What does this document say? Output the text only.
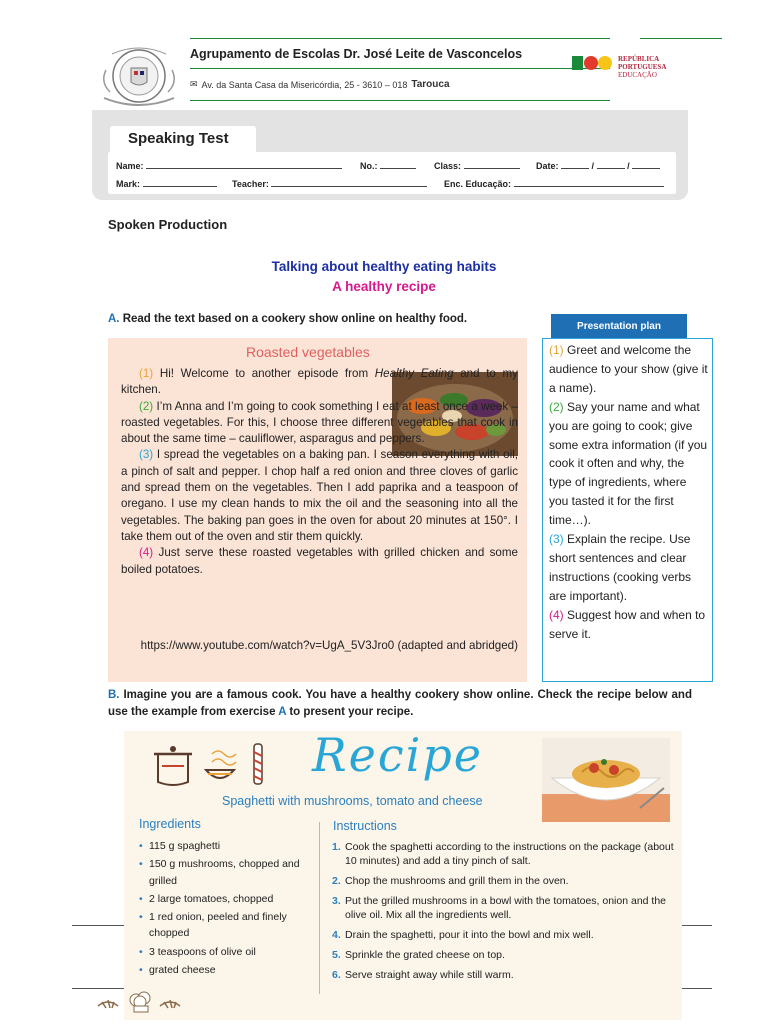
Agrupamento de Escolas Dr. José Leite de Vasconcelos
✉ Av. da Santa Casa da Misericórdia, 25 - 3610 – 018 Tarouca
REPÚBLICA
PORTUGUESA
EDUCAÇÃO
Speaking Test
Name:	No.:	Class:	Date:	/	/
Mark:	Teacher:	Enc. Educação:
Spoken Production
Talking about healthy eating habits
A healthy recipe
A. Read the text based on a cookery show online on healthy food.
Roasted vegetables

(1) Hi! Welcome to another episode from Healthy Eating and to my kitchen.

(2) I’m Anna and I’m going to cook something I eat at least once a week – roasted vegetables. For this, I choose three different vegetables that cook in about the same time – cauliflower, asparagus and peppers.

(3) I spread the vegetables on a baking pan. I season everything with oil, a pinch of salt and pepper. I chop half a red onion and three cloves of garlic and spread them on the vegetables. Then I add paprika and a teaspoon of oregano. I use my clean hands to mix the oil and the seasoning into all the vegetables. The baking pan goes in the oven for about 20 minutes at 150°. I take them out of the oven and stir them quickly.

(4) Just serve these roasted vegetables with grilled chicken and some boiled potatoes.

https://www.youtube.com/watch?v=UgA_5V3Jro0 (adapted and abridged)
Presentation plan
(1) Greet and welcome the audience to your show (give it a name).
(2) Say your name and what you are going to cook; give some extra information (if you cook it often and why, the type of ingredients, where you tasted it for the first time…).
(3) Explain the recipe. Use short sentences and clear instructions (cooking verbs are important).
(4) Suggest how and when to serve it.
B. Imagine you are a famous cook. You have a healthy cookery show online. Check the recipe below and use the example from exercise A to present your recipe.
Recipe
Spaghetti with mushrooms, tomato and cheese
Ingredients	Instructions
• 115 g spaghetti
• 150 g mushrooms, chopped and grilled
• 2 large tomatoes, chopped
• 1 red onion, peeled and finely chopped
• 3 teaspoons of olive oil
• grated cheese
1. Cook the spaghetti according to the instructions on the package (about 10 minutes) and add a tiny pinch of salt.
2. Chop the mushrooms and grill them in the oven.
3. Put the grilled mushrooms in a bowl with the tomatoes, onion and the olive oil. Mix all the ingredients well.
4. Drain the spaghetti, pour it into the bowl and mix well.
5. Sprinkle the grated cheese on top.
6. Serve straight away while still warm.
